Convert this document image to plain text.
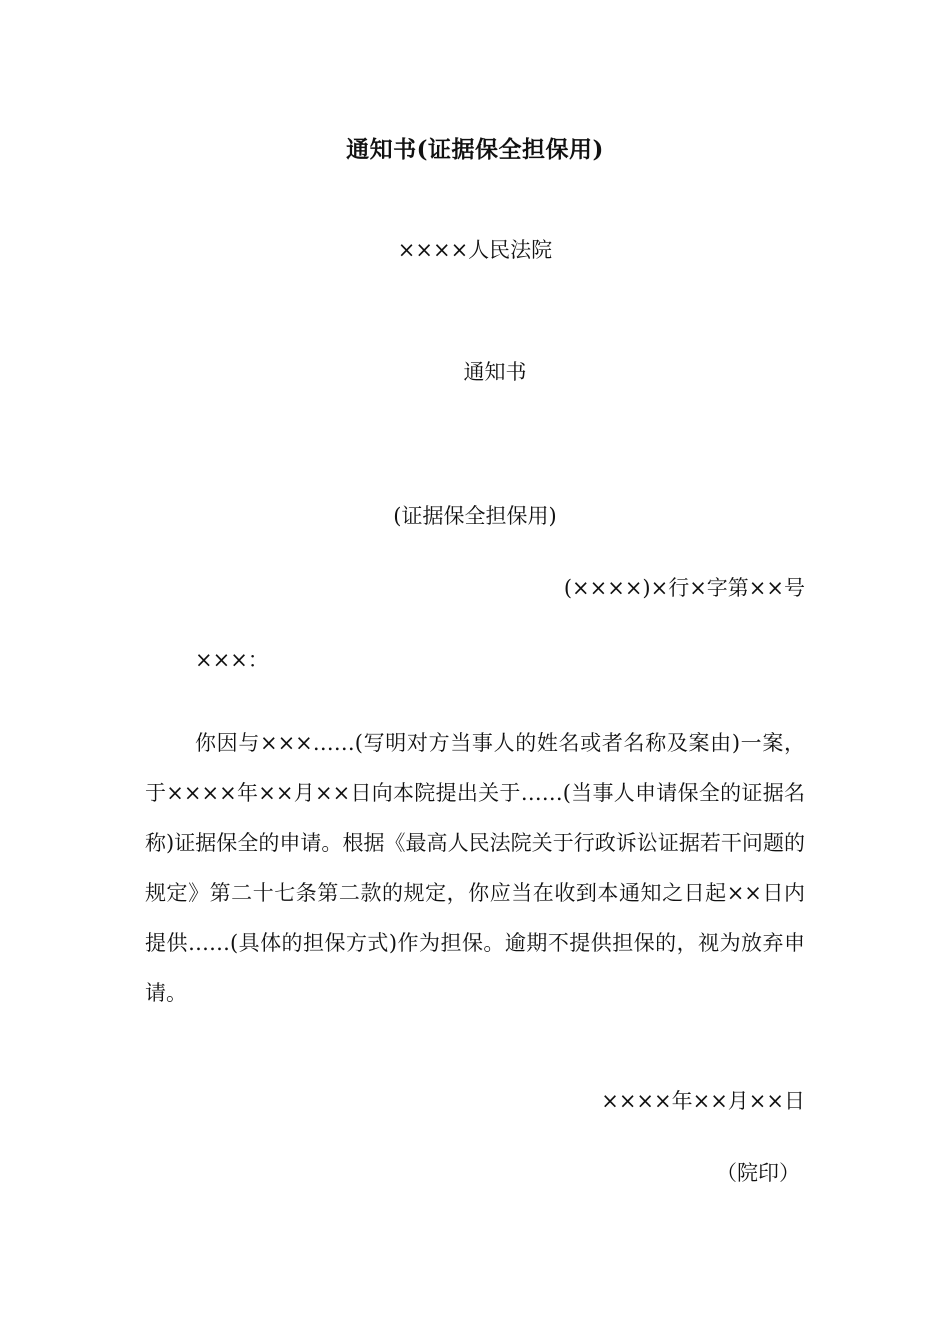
通知书(证据保全担保用)
××××人民法院
通知书
(证据保全担保用)
(××××)×行×字第××号
×××：
你因与×××……(写明对方当事人的姓名或者名称及案由)一案，于××××年××月××日向本院提出关于……(当事人申请保全的证据名称)证据保全的申请。根据《最高人民法院关于行政诉讼证据若干问题的规定》第二十七条第二款的规定，你应当在收到本通知之日起××日内提供……(具体的担保方式)作为担保。逾期不提供担保的，视为放弃申请。
××××年××月××日
（院印）
